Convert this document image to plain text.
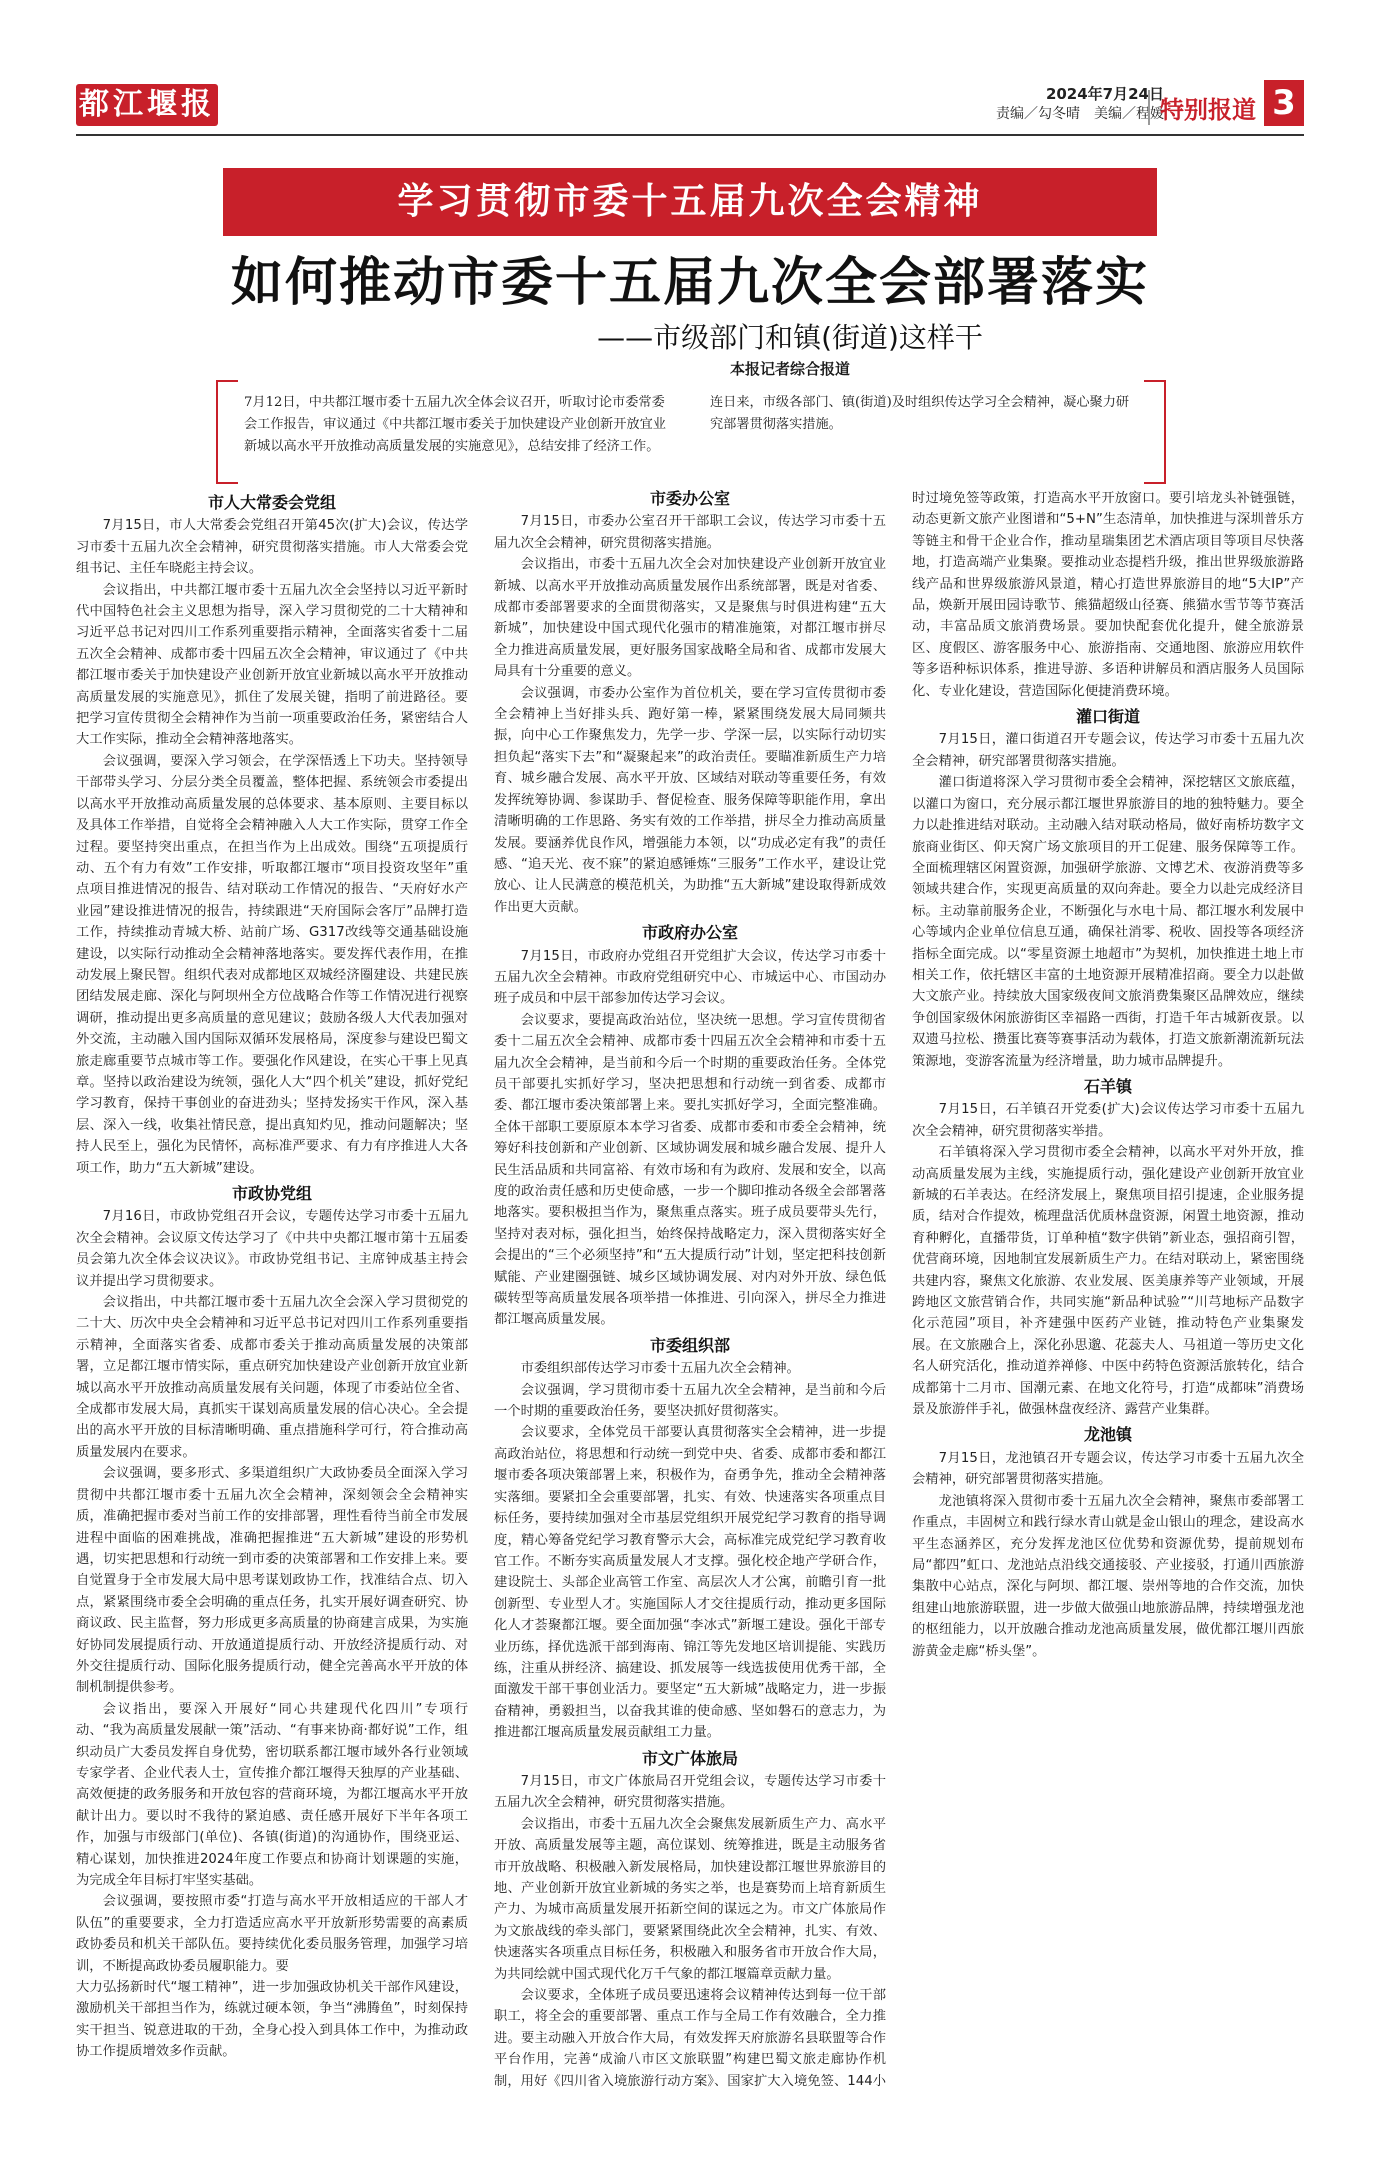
都江堰报	2024年7月24日
责编／勾冬晴　美编／程媛
特别报道 3
学习贯彻市委十五届九次全会精神
如何推动市委十五届九次全会部署落实
——市级部门和镇(街道)这样干
本报记者综合报道
7月12日，中共都江堰市委十五届九次全体会议召开，听取讨论市委常委会工作报告，审议通过《中共都江堰市委关于加快建设产业创新开放宜业新城以高水平开放推动高质量发展的实施意见》，总结安排了经济工作。连日来，市级各部门、镇(街道)及时组织传达学习全会精神，凝心聚力研究部署贯彻落实措施。
市人大常委会党组

7月15日，市人大常委会党组召开第45次(扩大)会议，传达学习市委十五届九次全会精神，研究贯彻落实措施。市人大常委会党组书记、主任车晓彪主持会议。

会议指出，中共都江堰市委十五届九次全会坚持以习近平新时代中国特色社会主义思想为指导，深入学习贯彻党的二十大精神和习近平总书记对四川工作系列重要指示精神，全面落实省委十二届五次全会精神、成都市委十四届五次全会精神，审议通过了《中共都江堰市委关于加快建设产业创新开放宜业新城以高水平开放推动高质量发展的实施意见》，抓住了发展关键，指明了前进路径。要把学习宣传贯彻全会精神作为当前一项重要政治任务，紧密结合人大工作实际，推动全会精神落地落实。

会议强调，要深入学习领会，在学深悟透上下功夫。坚持领导干部带头学习、分层分类全员覆盖，整体把握、系统领会市委提出以高水平开放推动高质量发展的总体要求、基本原则、主要目标以及具体工作举措，自觉将全会精神融入人大工作实际，贯穿工作全过程。要坚持突出重点，在担当作为上出成效。围绕“五项提质行动、五个有力有效”工作安排，听取都江堰市“项目投资攻坚年”重点项目推进情况的报告、结对联动工作情况的报告、“天府好水产业园”建设推进情况的报告，持续跟进“天府国际会客厅”品牌打造工作，持续推动青城大桥、站前广场、G317改线等交通基础设施建设，以实际行动推动全会精神落地落实。要发挥代表作用，在推动发展上聚民智。组织代表对成都地区双城经济圈建设、共建民族团结发展走廊、深化与阿坝州全方位战略合作等工作情况进行视察调研，推动提出更多高质量的意见建议；鼓励各级人大代表加强对外交流，主动融入国内国际双循环发展格局，深度参与建设巴蜀文旅走廊重要节点城市等工作。要强化作风建设，在实心干事上见真章。坚持以政治建设为统领，强化人大“四个机关”建设，抓好党纪学习教育，保持干事创业的奋进劲头；坚持发扬实干作风，深入基层、深入一线，收集社情民意，提出真知灼见，推动问题解决；坚持人民至上，强化为民情怀，高标准严要求、有力有序推进人大各项工作，助力“五大新城”建设。

市政协党组

7月16日，市政协党组召开会议，专题传达学习市委十五届九次全会精神。会议原文传达学习了《中共中央都江堰市第十五届委员会第九次全体会议决议》。市政协党组书记、主席钟成基主持会议并提出学习贯彻要求。

会议指出，中共都江堰市委十五届九次全会深入学习贯彻党的二十大、历次中央全会精神和习近平总书记对四川工作系列重要指示精神，全面落实省委、成都市委关于推动高质量发展的决策部署，立足都江堰市情实际，重点研究加快建设产业创新开放宜业新城以高水平开放推动高质量发展有关问题，体现了市委站位全省、全成都市发展大局，真抓实干谋划高质量发展的信心决心。全会提出的高水平开放的目标清晰明确、重点措施科学可行，符合推动高质量发展内在要求。

会议强调，要多形式、多渠道组织广大政协委员全面深入学习贯彻中共都江堰市委十五届九次全会精神，深刻领会全会精神实质，准确把握市委对当前工作的安排部署，理性看待当前全市发展进程中面临的困难挑战，准确把握推进“五大新城”建设的形势机遇，切实把思想和行动统一到市委的决策部署和工作安排上来。要自觉置身于全市发展大局中思考谋划政协工作，找准结合点、切入点，紧紧围绕市委全会明确的重点任务，扎实开展好调查研究、协商议政、民主监督，努力形成更多高质量的协商建言成果，为实施好协同发展提质行动、开放通道提质行动、开放经济提质行动、对外交往提质行动、国际化服务提质行动，健全完善高水平开放的体制机制提供参考。

会议指出，要深入开展好“同心共建现代化四川”专项行动、“我为高质量发展献一策”活动、“有事来协商·都好说”工作，组织动员广大委员发挥自身优势，密切联系都江堰市域外各行业领域专家学者、企业代表人士，宣传推介都江堰得天独厚的产业基础、高效便捷的政务服务和开放包容的营商环境，为都江堰高水平开放献计出力。要以时不我待的紧迫感、责任感开展好下半年各项工作，加强与市级部门(单位)、各镇(街道)的沟通协作，围绕亚运、精心谋划，加快推进2024年度工作要点和协商计划课题的实施，为完成全年目标打牢坚实基础。

会议强调，要按照市委“打造与高水平开放相适应的干部人才队伍”的重要要求，全力打造适应高水平开放新形势需要的高素质政协委员和机关干部队伍。要持续优化委员服务管理，加强学习培训，不断提高政协委员履职能力。要

大力弘扬新时代“堰工精神”，进一步加强政协机关干部作风建设，激励机关干部担当作为，练就过硬本领，争当“沸腾鱼”，时刻保持实干担当、锐意进取的干劲，全身心投入到具体工作中，为推动政协工作提质增效多作贡献。

市委办公室

7月15日，市委办公室召开干部职工会议，传达学习市委十五届九次全会精神，研究贯彻落实措施。

会议指出，市委十五届九次全会对加快建设产业创新开放宜业新城、以高水平开放推动高质量发展作出系统部署，既是对省委、成都市委部署要求的全面贯彻落实，又是聚焦与时俱进构建“五大新城”，加快建设中国式现代化强市的精准施策，对都江堰市拼尽全力推进高质量发展，更好服务国家战略全局和省、成都市发展大局具有十分重要的意义。

会议强调，市委办公室作为首位机关，要在学习宣传贯彻市委全会精神上当好排头兵、跑好第一棒，紧紧围绕发展大局同频共振，向中心工作聚焦发力，先学一步、学深一层，以实际行动切实担负起“落实下去”和“凝聚起来”的政治责任。要瞄准新质生产力培育、城乡融合发展、高水平开放、区域结对联动等重要任务，有效发挥统筹协调、参谋助手、督促检查、服务保障等职能作用，拿出清晰明确的工作思路、务实有效的工作举措，拼尽全力推动高质量发展。要涵养优良作风，增强能力本领，以“功成必定有我”的责任感、“追天光、夜不寐”的紧迫感锤炼“三服务”工作水平，建设让党放心、让人民满意的模范机关，为助推“五大新城”建设取得新成效作出更大贡献。

市政府办公室

7月15日，市政府办党组召开党组扩大会议，传达学习市委十五届九次全会精神。市政府党组研究中心、市城运中心、市国动办班子成员和中层干部参加传达学习会议。

会议要求，要提高政治站位，坚决统一思想。学习宣传贯彻省委十二届五次全会精神、成都市委十四届五次全会精神和市委十五届九次全会精神，是当前和今后一个时期的重要政治任务。全体党员干部要扎实抓好学习，坚决把思想和行动统一到省委、成都市委、都江堰市委决策部署上来。要扎实抓好学习，全面完整准确。全体干部职工要原原本本学习省委、成都市委和市委全会精神，统筹好科技创新和产业创新、区域协调发展和城乡融合发展、提升人民生活品质和共同富裕、有效市场和有为政府、发展和安全，以高度的政治责任感和历史使命感，一步一个脚印推动各级全会部署落地落实。要积极担当作为，聚焦重点落实。班子成员要带头先行，坚持对表对标，强化担当，始终保持战略定力，深入贯彻落实好全会提出的“三个必须坚持”和“五大提质行动”计划，坚定把科技创新赋能、产业建圈强链、城乡区域协调发展、对内对外开放、绿色低碳转型等高质量发展各项举措一体推进、引向深入，拼尽全力推进都江堰高质量发展。

市委组织部

市委组织部传达学习市委十五届九次全会精神。

会议强调，学习贯彻市委十五届九次全会精神，是当前和今后一个时期的重要政治任务，要坚决抓好贯彻落实。

会议要求，全体党员干部要认真贯彻落实全会精神，进一步提高政治站位，将思想和行动统一到党中央、省委、成都市委和都江堰市委各项决策部署上来，积极作为，奋勇争先，推动全会精神落实落细。要紧扣全会重要部署，扎实、有效、快速落实各项重点目标任务，要持续加强对全市基层党组织开展党纪学习教育的指导调度，精心筹备党纪学习教育警示大会，高标准完成党纪学习教育收官工作。不断夯实高质量发展人才支撑。强化校企地产学研合作，建设院士、头部企业高管工作室、高层次人才公寓，前瞻引育一批创新型、专业型人才。实施国际人才交往提质行动，推动更多国际化人才荟聚都江堰。要全面加强“李冰式”新堰工建设。强化干部专业历练，择优选派干部到海南、锦江等先发地区培训提能、实践历练，注重从拼经济、搞建设、抓发展等一线选拔使用优秀干部，全面激发干部干事创业活力。要坚定“五大新城”战略定力，进一步振奋精神，勇毅担当，以奋我其谁的使命感、坚如磐石的意志力，为推进都江堰高质量发展贡献组工力量。

市文广体旅局

7月15日，市文广体旅局召开党组会议，专题传达学习市委十五届九次全会精神，研究贯彻落实措施。

会议指出，市委十五届九次全会聚焦发展新质生产力、高水平开放、高质量发展等主题，高位谋划、统筹推进，既是主动服务省市开放战略、积极融入新发展格局，加快建设都江堰世界旅游目的地、产业创新开放宜业新城的务实之举，也是赛势而上培育新质生产力、为城市高质量发展开拓新空间的谋远之为。市文广体旅局作为文旅战线的牵头部门，要紧紧围绕此次全会精神，扎实、有效、快速落实各项重点目标任务，积极融入和服务省市开放合作大局，为共同绘就中国式现代化万千气象的都江堰篇章贡献力量。

会议要求，全体班子成员要迅速将会议精神传达到每一位干部职工，将全会的重要部署、重点工作与全局工作有效融合，全力推进。要主动融入开放合作大局，有效发挥天府旅游名县联盟等合作平台作用，完善“成渝八市区文旅联盟”构建巴蜀文旅走廊协作机制，用好《四川省入境旅游行动方案》、国家扩大入境免签、144小时过境免签等政策，打造高水平开放窗口。要引培龙头补链强链，动态更新文旅产业图谱和“5+N”生态清单，加快推进与深圳普乐方等链主和骨干企业合作，推动星瑞集团艺术酒店项目等项目尽快落地，打造高端产业集聚。要推动业态提档升级，推出世界级旅游路线产品和世界级旅游风景道，精心打造世界旅游目的地“5大IP”产品，焕新开展田园诗歌节、熊猫超级山径赛、熊猫水雪节等节赛活动，丰富品质文旅消费场景。要加快配套优化提升，健全旅游景区、度假区、游客服务中心、旅游指南、交通地图、旅游应用软件等多语种标识体系，推进导游、多语种讲解员和酒店服务人员国际化、专业化建设，营造国际化便捷消费环境。

灌口街道

7月15日，灌口街道召开专题会议，传达学习市委十五届九次全会精神，研究部署贯彻落实措施。

灌口街道将深入学习贯彻市委全会精神，深挖辖区文旅底蕴，以灌口为窗口，充分展示都江堰世界旅游目的地的独特魅力。要全力以赴推进结对联动。主动融入结对联动格局，做好南桥坊数字文旅商业街区、仰天窝广场文旅项目的开工促建、服务保障等工作。全面梳理辖区闲置资源，加强研学旅游、文博艺术、夜游消费等多领域共建合作，实现更高质量的双向奔赴。要全力以赴完成经济目标。主动靠前服务企业，不断强化与水电十局、都江堰水利发展中心等域内企业单位信息互通，确保社消零、税收、固投等各项经济指标全面完成。以“零星资源土地超市”为契机，加快推进土地上市相关工作，依托辖区丰富的土地资源开展精准招商。要全力以赴做大文旅产业。持续放大国家级夜间文旅消费集聚区品牌效应，继续争创国家级休闲旅游街区幸福路一西街，打造千年古城新夜景。以双遗马拉松、攒蛋比赛等赛事活动为载体，打造文旅新潮流新玩法策源地，变游客流量为经济增量，助力城市品牌提升。

石羊镇

7月15日，石羊镇召开党委(扩大)会议传达学习市委十五届九次全会精神，研究贯彻落实举措。

石羊镇将深入学习贯彻市委全会精神，以高水平对外开放，推动高质量发展为主线，实施提质行动，强化建设产业创新开放宜业新城的石羊表达。在经济发展上，聚焦项目招引提速，企业服务提质，结对合作提效，梳理盘活优质林盘资源，闲置土地资源，推动育种孵化，直播带货，订单种植“数字供销”新业态，强招商引智，优营商环境，因地制宜发展新质生产力。在结对联动上，紧密围绕共建内容，聚焦文化旅游、农业发展、医美康养等产业领域，开展跨地区文旅营销合作，共同实施“新品种试验”“川芎地标产品数字化示范园”项目，补齐建强中医药产业链，推动特色产业集聚发展。在文旅融合上，深化孙思邈、花蕊夫人、马祖道一等历史文化名人研究活化，推动道养禅修、中医中药特色资源活旅转化，结合成都第十二月市、国潮元素、在地文化符号，打造“成都味”消费场景及旅游伴手礼，做强林盘夜经济、露营产业集群。

龙池镇

7月15日，龙池镇召开专题会议，传达学习市委十五届九次全会精神，研究部署贯彻落实措施。

龙池镇将深入贯彻市委十五届九次全会精神，聚焦市委部署工作重点，丰固树立和践行绿水青山就是金山银山的理念，建设高水平生态涵养区，充分发挥龙池区位优势和资源优势，提前规划布局“都四”虹口、龙池站点沿线交通接驳、产业接驳，打通川西旅游集散中心站点，深化与阿坝、都江堰、崇州等地的合作交流，加快组建山地旅游联盟，进一步做大做强山地旅游品牌，持续增强龙池的枢纽能力，以开放融合推动龙池高质量发展，做优都江堰川西旅游黄金走廊“桥头堡”。
